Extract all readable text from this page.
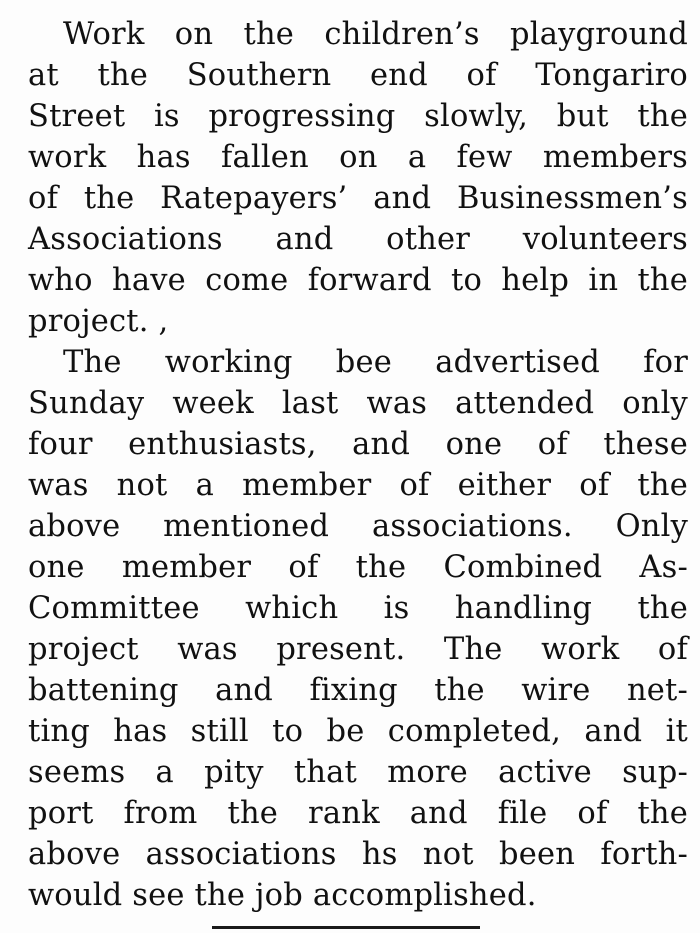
Work on the children’s playground
at the Southern end of Tongariro
Street is progressing slowly, but the
work has fallen on a few members
of the Ratepayers’ and Businessmen’s
Associations and other volunteers
who have come forward to help in the
project. ,
The working bee advertised for
Sunday week last was attended only
four enthusiasts, and one of these
was not a member of either of the
above mentioned associations. Only
one member of the Combined As-
Committee which is handling the
project was present. The work of
battening and fixing the wire net-
ting has still to be completed, and it
seems a pity that more active sup-
port from the rank and file of the
above associations hs not been forth-
would see the job accomplished.
